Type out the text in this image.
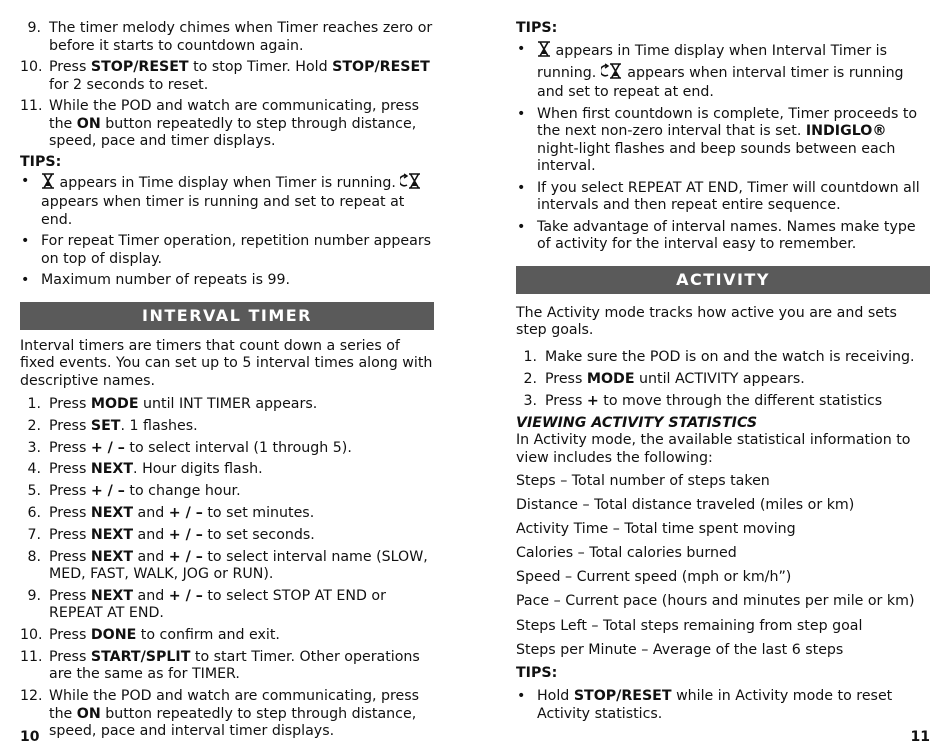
9. The timer melody chimes when Timer reaches zero or before it starts to countdown again.
10. Press STOP/RESET to stop Timer. Hold STOP/RESET for 2 seconds to reset.
11. While the POD and watch are communicating, press the ON button repeatedly to step through distance, speed, pace and timer displays.
TIPS:
• appears in Time display when Timer is running.  appears when timer is running and set to repeat at end.
• For repeat Timer operation, repetition number appears on top of display.
• Maximum number of repeats is 99.
INTERVAL TIMER
Interval timers are timers that count down a series of fixed events. You can set up to 5 interval times along with descriptive names.
1. Press MODE until INT TIMER appears.
2. Press SET. 1 flashes.
3. Press + / – to select interval (1 through 5).
4. Press NEXT. Hour digits flash.
5. Press + / – to change hour.
6. Press NEXT and + / – to set minutes.
7. Press NEXT and + / – to set seconds.
8. Press NEXT and + / – to select interval name (SLOW, MED, FAST, WALK, JOG or RUN).
9. Press NEXT and + / – to select STOP AT END or REPEAT AT END.
10. Press DONE to confirm and exit.
11. Press START/SPLIT to start Timer. Other operations are the same as for TIMER.
12. While the POD and watch are communicating, press the ON button repeatedly to step through distance, speed, pace and interval timer displays.
10
TIPS:
• appears in Time display when Interval Timer is running.  appears when interval timer is running and set to repeat at end.
• When first countdown is complete, Timer proceeds to the next non-zero interval that is set. INDIGLO® night-light flashes and beep sounds between each interval.
• If you select REPEAT AT END, Timer will countdown all intervals and then repeat entire sequence.
• Take advantage of interval names. Names make type of activity for the interval easy to remember.
ACTIVITY
The Activity mode tracks how active you are and sets step goals.
1. Make sure the POD is on and the watch is receiving.
2. Press MODE until ACTIVITY appears.
3. Press + to move through the different statistics
VIEWING ACTIVITY STATISTICS
In Activity mode, the available statistical information to view includes the following:
Steps – Total number of steps taken
Distance – Total distance traveled (miles or km)
Activity Time – Total time spent moving
Calories – Total calories burned
Speed – Current speed (mph or km/h”)
Pace – Current pace (hours and minutes per mile or km)
Steps Left – Total steps remaining from step goal
Steps per Minute – Average of the last 6 steps
TIPS:
• Hold STOP/RESET while in Activity mode to reset Activity statistics.
11
